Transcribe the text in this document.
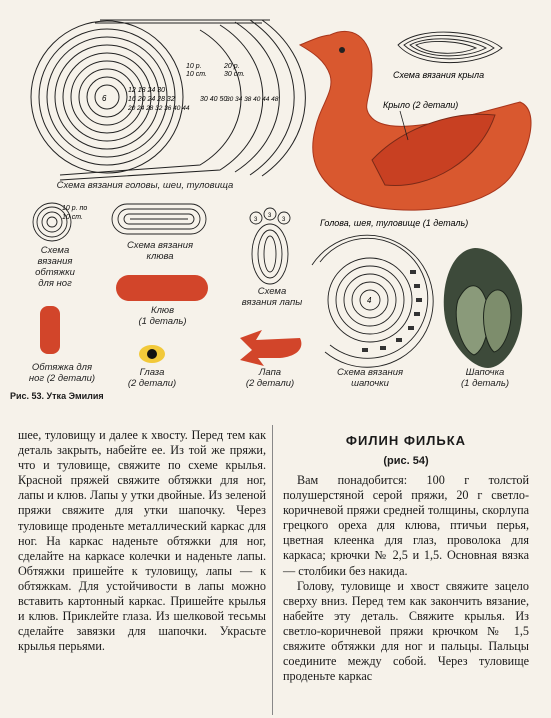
6
12 18 24 30
16 20 24 28 32
20 24 28 32 36 40 44
10 р.
10 ст.
20 р.
30 ст.
30 40 50
30 34 38 40 44 48
Схема вязания крыла
Крыло (2 детали)
Голова, шея, туловище (1 деталь)
10 р. по
10 ст.	3
3
3
4
Схема вязания головы, шеи, туловища
Схема
вязания
обтяжки
для ног
Схема вязания
клюва
Схема
вязания лапы
Клюв
(1 деталь)
Обтяжка для
ног (2 детали)
Глаза
(2 детали)
Лапа
(2 детали)
Схема вязания
шапочки
Шапочка
(1 деталь)
Рис. 53. Утка Эмилия

шее, туловищу и далее к хвосту. Перед тем как деталь закрыть, набейте ее. Из той же пряжи, что и туловище, свяжите по схеме крылья. Красной пряжей свяжите обтяжки для ног, лапы и клюв. Лапы у утки двойные. Из зеленой пряжи свяжите для утки шапочку. Через туловище проденьте металлический каркас для ног. На каркас наденьте обтяжки для ног, сделайте на каркасе колечки и наденьте лапы. Обтяжки пришейте к туловищу, лапы — к обтяжкам. Для устойчивости в лапы можно вставить картонный каркас. Пришейте крылья и клюв. Приклейте глаза. Из шелковой тесьмы сделайте завязки для шапочки. Украсьте крылья перьями.

ФИЛИН ФИЛЬКА
(рис. 54)

Вам понадобится: 100 г толстой полушерстяной серой пряжи, 20 г светло-коричневой пряжи средней толщины, скорлупа грецкого ореха для клюва, птичьи перья, цветная клеенка для глаз, проволока для каркаса; крючки № 2,5 и 1,5. Основная вязка — столбики без накида.

Голову, туловище и хвост свяжите зацело сверху вниз. Перед тем как закончить вязание, набейте эту деталь. Свяжите крылья. Из светло-коричневой пряжи крючком № 1,5 свяжите обтяжки для ног и пальцы. Пальцы соедините между собой. Через туловище проденьте каркас
